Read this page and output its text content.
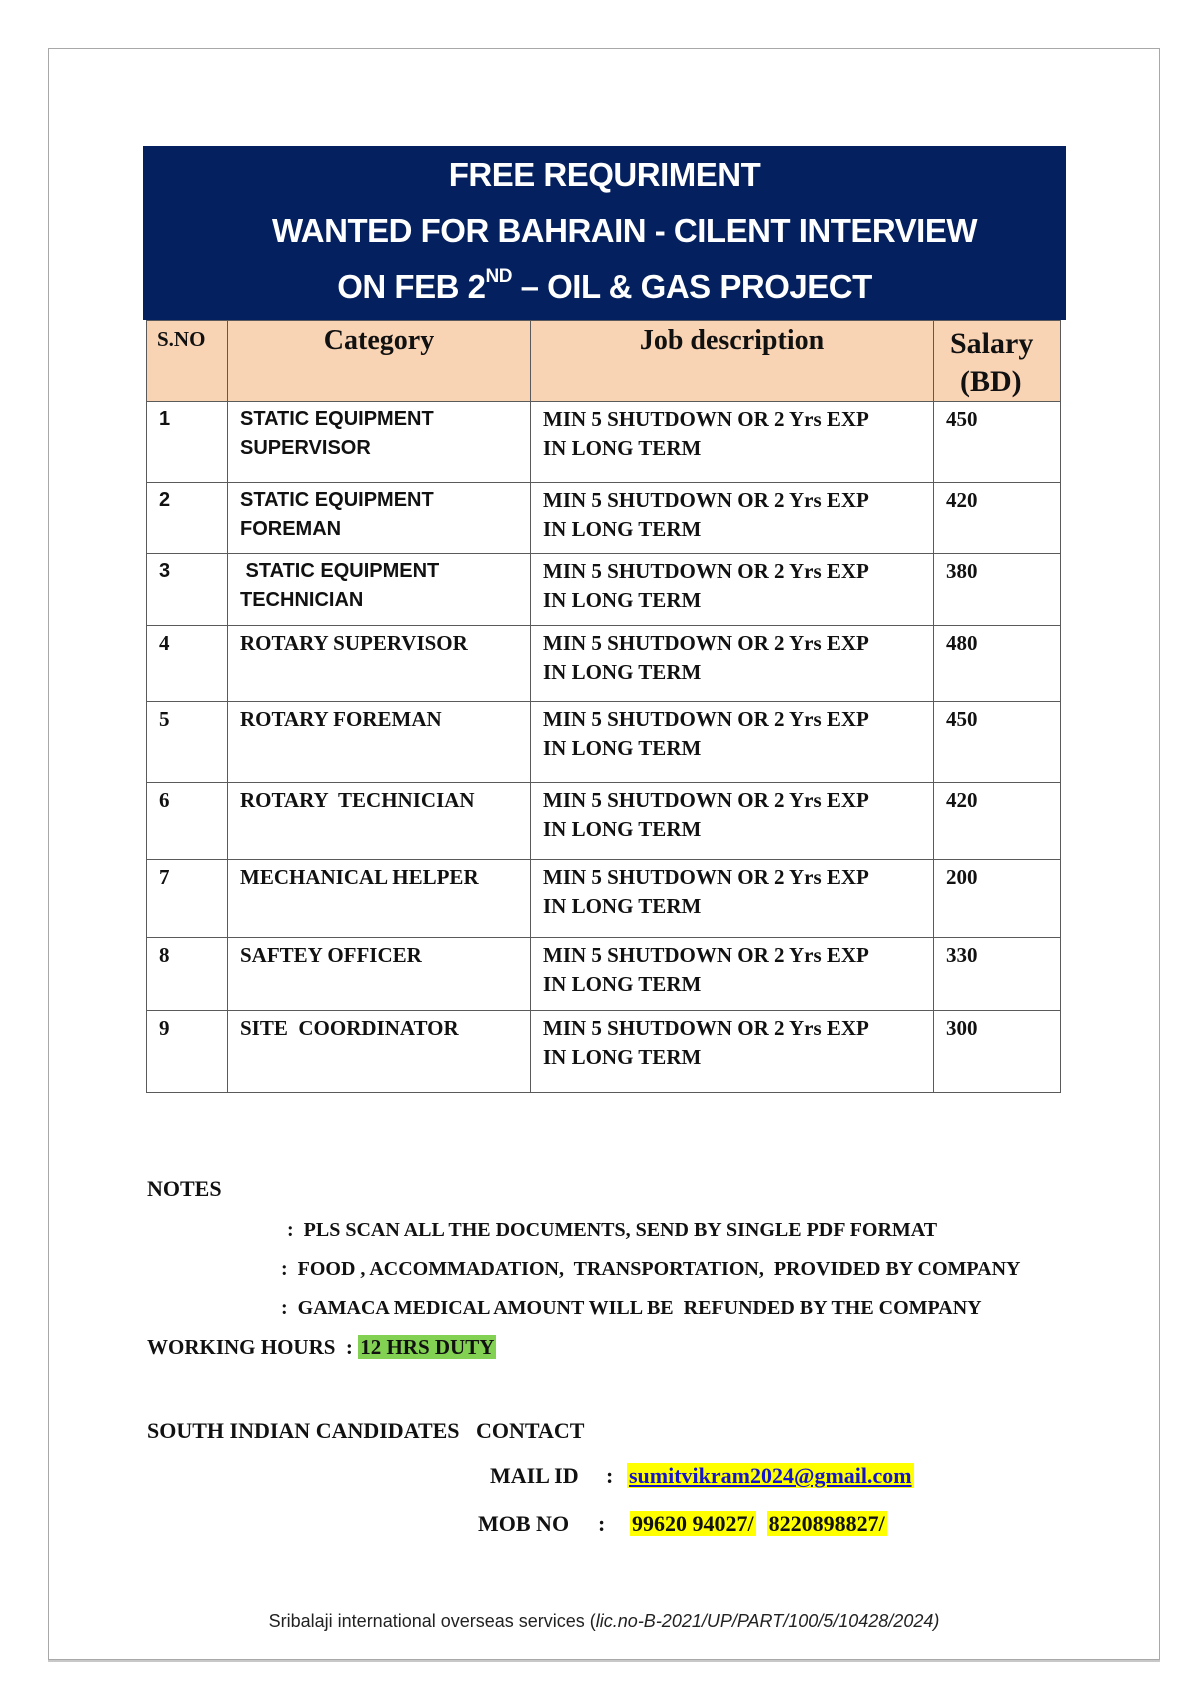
FREE REQURIMENT
WANTED FOR BAHRAIN - CILENT INTERVIEW
ON FEB 2ND – OIL & GAS PROJECT
S.NO	Category	Job description	Salary
(BD)
1	STATIC EQUIPMENT
SUPERVISOR	MIN 5 SHUTDOWN OR 2 Yrs EXP
IN LONG TERM	450
2	STATIC EQUIPMENT
FOREMAN	MIN 5 SHUTDOWN OR 2 Yrs EXP
IN LONG TERM	420
3	STATIC EQUIPMENT
TECHNICIAN	MIN 5 SHUTDOWN OR 2 Yrs EXP
IN LONG TERM	380
4	ROTARY SUPERVISOR	MIN 5 SHUTDOWN OR 2 Yrs EXP
IN LONG TERM	480
5	ROTARY FOREMAN	MIN 5 SHUTDOWN OR 2 Yrs EXP
IN LONG TERM	450
6	ROTARY  TECHNICIAN	MIN 5 SHUTDOWN OR 2 Yrs EXP
IN LONG TERM	420
7	MECHANICAL HELPER	MIN 5 SHUTDOWN OR 2 Yrs EXP
IN LONG TERM	200
8	SAFTEY OFFICER	MIN 5 SHUTDOWN OR 2 Yrs EXP
IN LONG TERM	330
9	SITE  COORDINATOR	MIN 5 SHUTDOWN OR 2 Yrs EXP
IN LONG TERM	300
NOTES
:  PLS SCAN ALL THE DOCUMENTS, SEND BY SINGLE PDF FORMAT
:  FOOD , ACCOMMADATION,  TRANSPORTATION,  PROVIDED BY COMPANY
:  GAMACA MEDICAL AMOUNT WILL BE  REFUNDED BY THE COMPANY
WORKING HOURS  : 12 HRS DUTY
SOUTH INDIAN CANDIDATES   CONTACT
MAIL ID : sumitvikram2024@gmail.com
MOB NO : 99620 94027/ 8220898827/
Sribalaji international overseas services (lic.no-B-2021/UP/PART/100/5/10428/2024)
